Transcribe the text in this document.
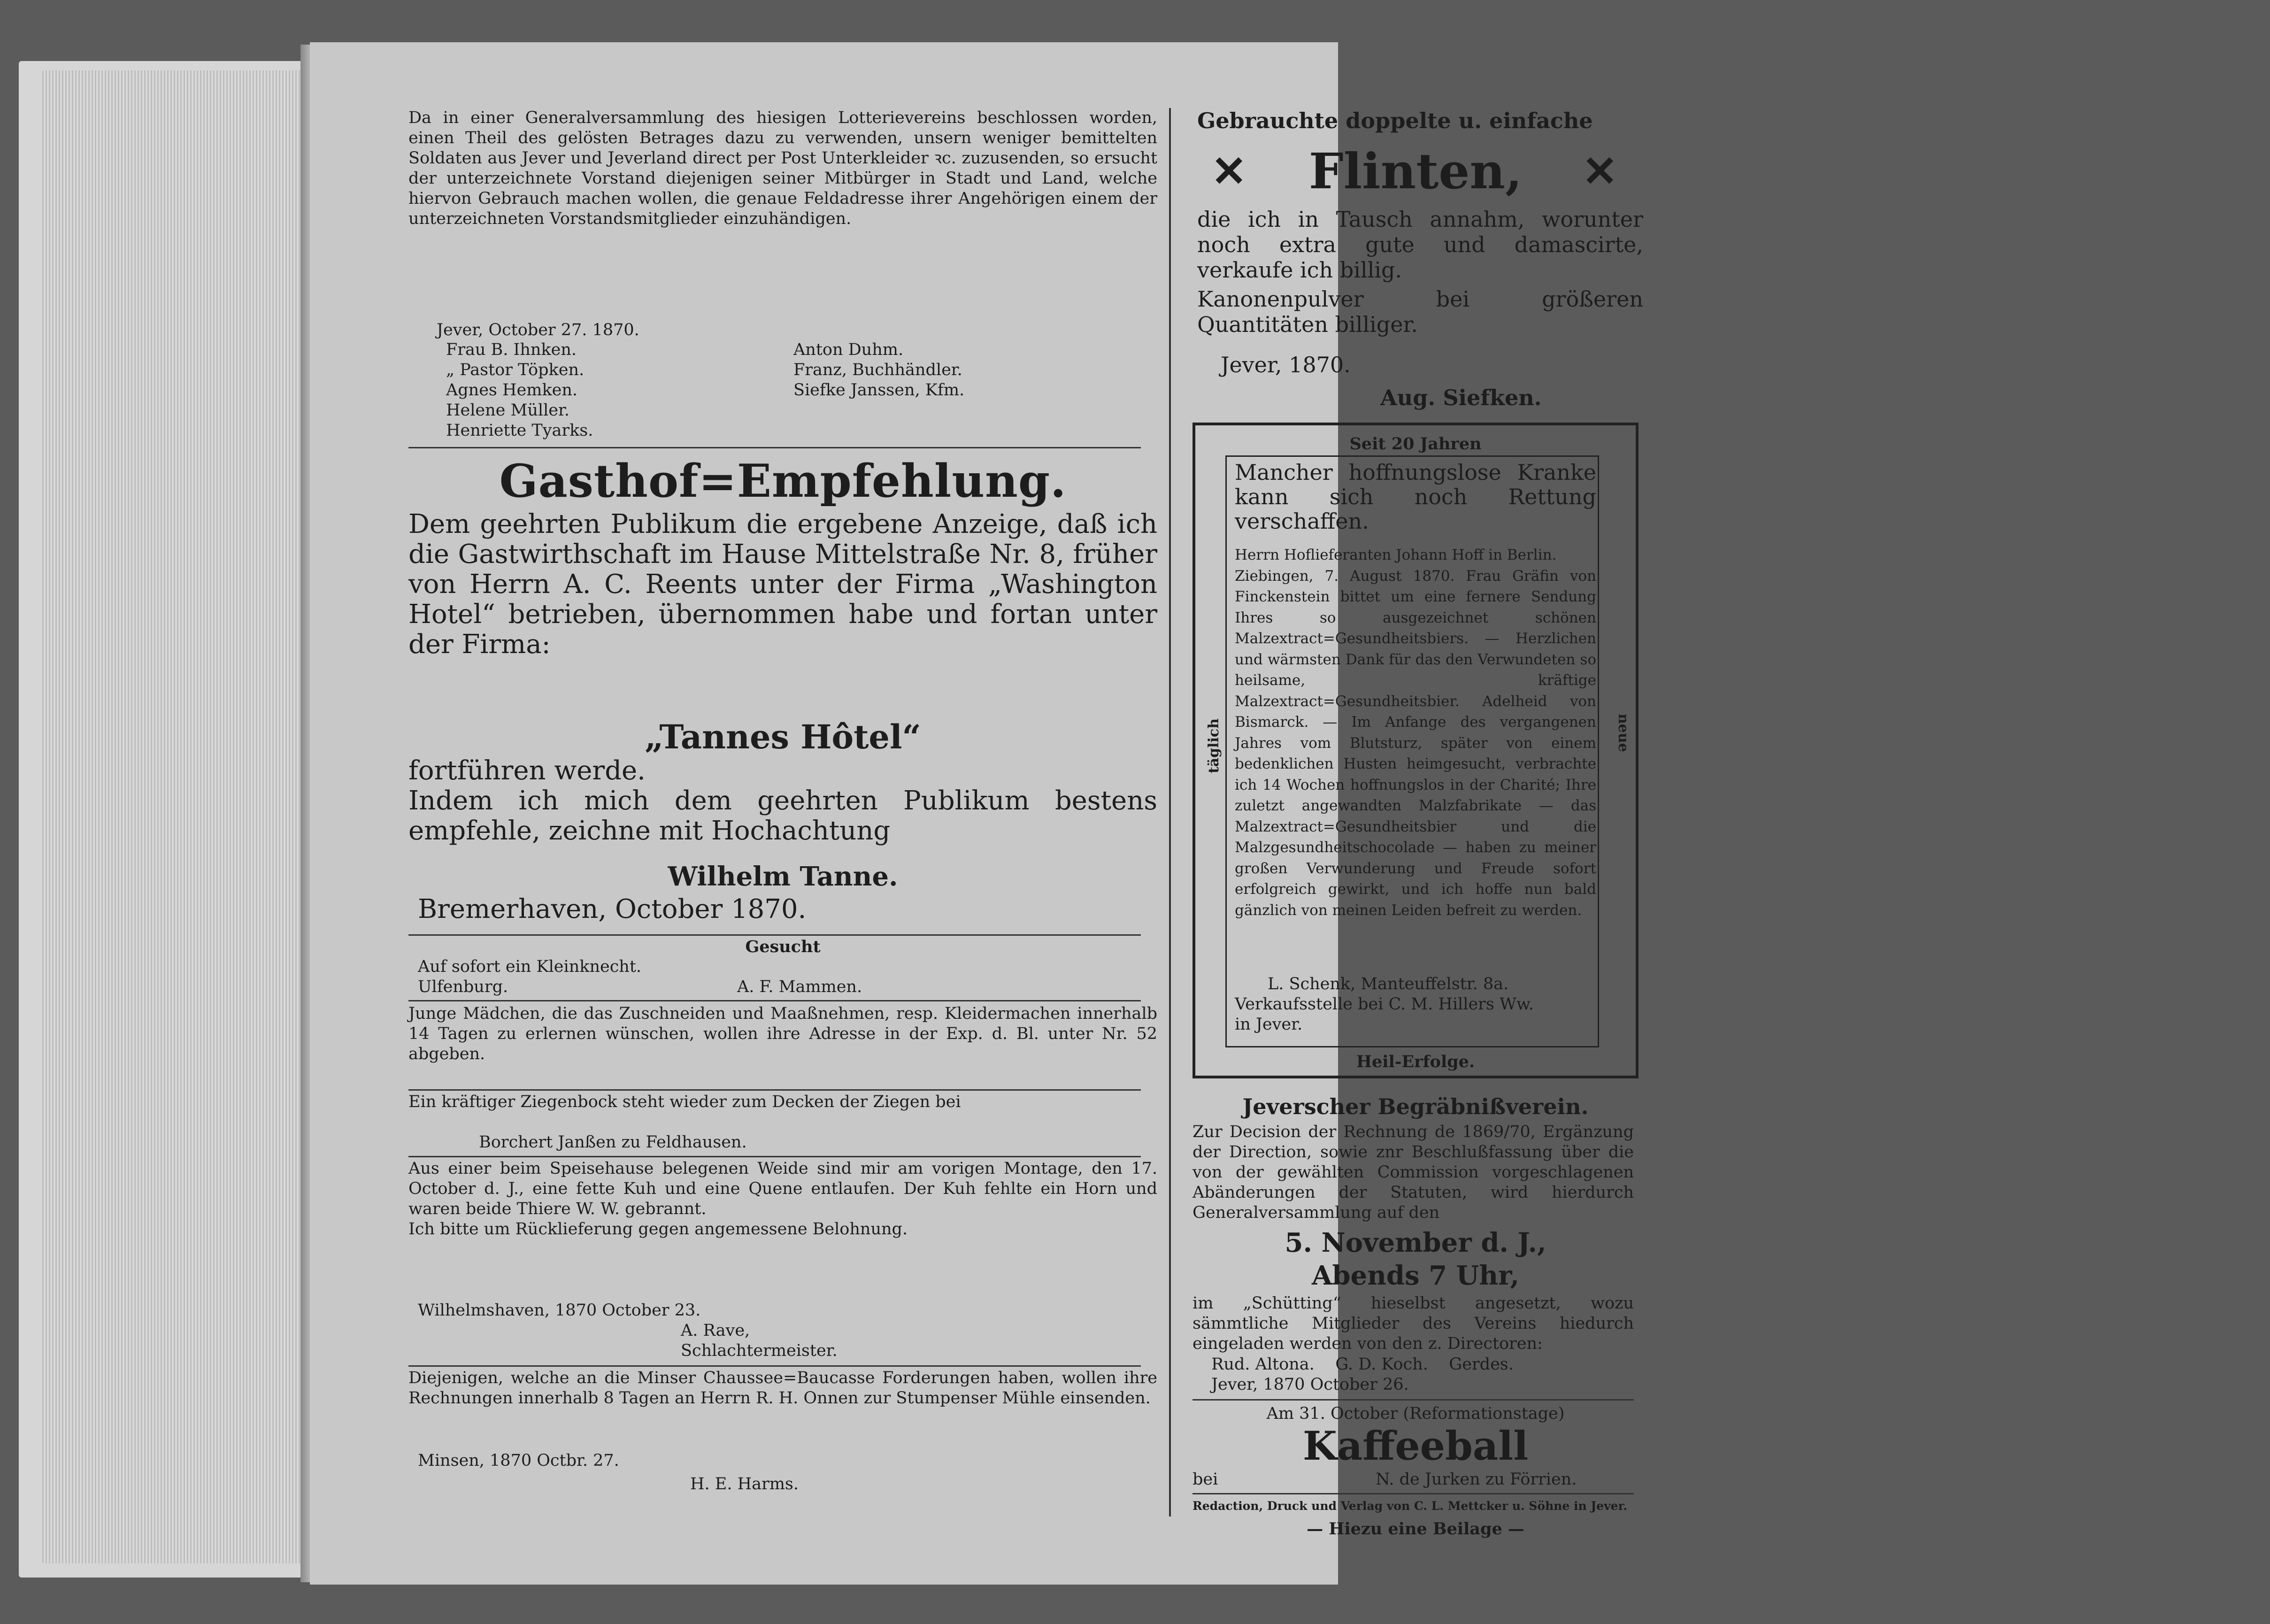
Da in einer Generalversammlung des hiesigen Lotterievereins beschlossen worden, einen Theil des gelösten Betrages dazu zu verwenden, unsern weniger bemittelten Soldaten aus Jever und Jeverland direct per Post Unterkleider ꝛc. zuzusenden, so ersucht der unterzeichnete Vorstand diejenigen seiner Mitbürger in Stadt und Land, welche hiervon Gebrauch machen wollen, die genaue Feldadresse ihrer Angehörigen einem der unterzeichneten Vorstandsmitglieder einzuhändigen.
Jever, October 27. 1870.
Frau B. Ihnken.
„ Pastor Töpken.
Agnes Hemken.
Helene Müller.
Henriette Tyarks.
Anton Duhm.
Franz, Buchhändler.
Siefke Janssen, Kfm.
Gasthof=Empfehlung.
Dem geehrten Publikum die ergebene Anzeige, daß ich die Gastwirthschaft im Hause Mittelstraße Nr. 8, früher von Herrn A. C. Reents unter der Firma „Washington Hotel“ betrieben, übernommen habe und fortan unter der Firma:
„Tannes Hôtel“
fortführen werde.
Indem ich mich dem geehrten Publikum bestens empfehle, zeichne mit Hochachtung
Wilhelm Tanne.
Bremerhaven, October 1870.
Gesucht
Auf sofort ein Kleinknecht.
Ulfenburg.	A. F. Mammen.
Junge Mädchen, die das Zuschneiden und Maaßnehmen, resp. Kleidermachen innerhalb 14 Tagen zu erlernen wünschen, wollen ihre Adresse in der Exp. d. Bl. unter Nr. 52 abgeben.
Ein kräftiger Ziegenbock steht wieder zum Decken der Ziegen bei
Borchert Janßen zu Feldhausen.
Aus einer beim Speisehause belegenen Weide sind mir am vorigen Montage, den 17. October d. J., eine fette Kuh und eine Quene entlaufen. Der Kuh fehlte ein Horn und waren beide Thiere W. W. gebrannt.
Ich bitte um Rücklieferung gegen angemessene Belohnung.
Wilhelmshaven, 1870 October 23.
A. Rave,
Schlachtermeister.
Diejenigen, welche an die Minser Chaussee=Baucasse Forderungen haben, wollen ihre Rechnungen innerhalb 8 Tagen an Herrn R. H. Onnen zur Stumpenser Mühle einsenden.
Minsen, 1870 Octbr. 27.
H. E. Harms.
Gebrauchte doppelte u. einfache
✕	Flinten,	✕
die ich in Tausch annahm, worunter noch extra gute und damascirte, verkaufe ich billig.
Kanonenpulver bei größeren Quantitäten billiger.
Jever, 1870.
Aug. Siefken.
Seit 20 Jahren
täglich	neue
Mancher hoffnungslose Kranke kann sich noch Rettung verschaffen.
Herrn Hoflieferanten Johann Hoff in Berlin.
Ziebingen, 7. August 1870. Frau Gräfin von Finckenstein bittet um eine fernere Sendung Ihres so ausgezeichnet schönen Malzextract=Gesundheitsbiers. — Herzlichen und wärmsten Dank für das den Verwundeten so heilsame, kräftige Malzextract=Gesundheitsbier. Adelheid von Bismarck. — Im Anfange des vergangenen Jahres vom Blutsturz, später von einem bedenklichen Husten heimgesucht, verbrachte ich 14 Wochen hoffnungslos in der Charité; Ihre zuletzt angewandten Malzfabrikate — das Malzextract=Gesundheitsbier und die Malzgesundheitschocolade — haben zu meiner großen Verwunderung und Freude sofort erfolgreich gewirkt, und ich hoffe nun bald gänzlich von meinen Leiden befreit zu werden.
L. Schenk, Manteuffelstr. 8a.
Verkaufsstelle bei C. M. Hillers Ww.
in Jever.
Heil-Erfolge.
Jeverscher Begräbnißverein.
Zur Decision der Rechnung de 1869/70, Ergänzung der Direction, sowie znr Beschlußfassung über die von der gewählten Commission vorgeschlagenen Abänderungen der Statuten, wird hierdurch Generalversammlung auf den
5. November d. J.,
Abends 7 Uhr,
im „Schütting“ hieselbst angesetzt, wozu sämmtliche Mitglieder des Vereins hiedurch eingeladen werden von den z. Directoren:
Rud. Altona.    G. D. Koch.    Gerdes.
Jever, 1870 October 26.
Am 31. October (Reformationstage)
Kaffeeball
bei	N. de Jurken zu Förrien.
Redaction, Druck und Verlag von C. L. Mettcker u. Söhne in Jever.
— Hiezu eine Beilage —
